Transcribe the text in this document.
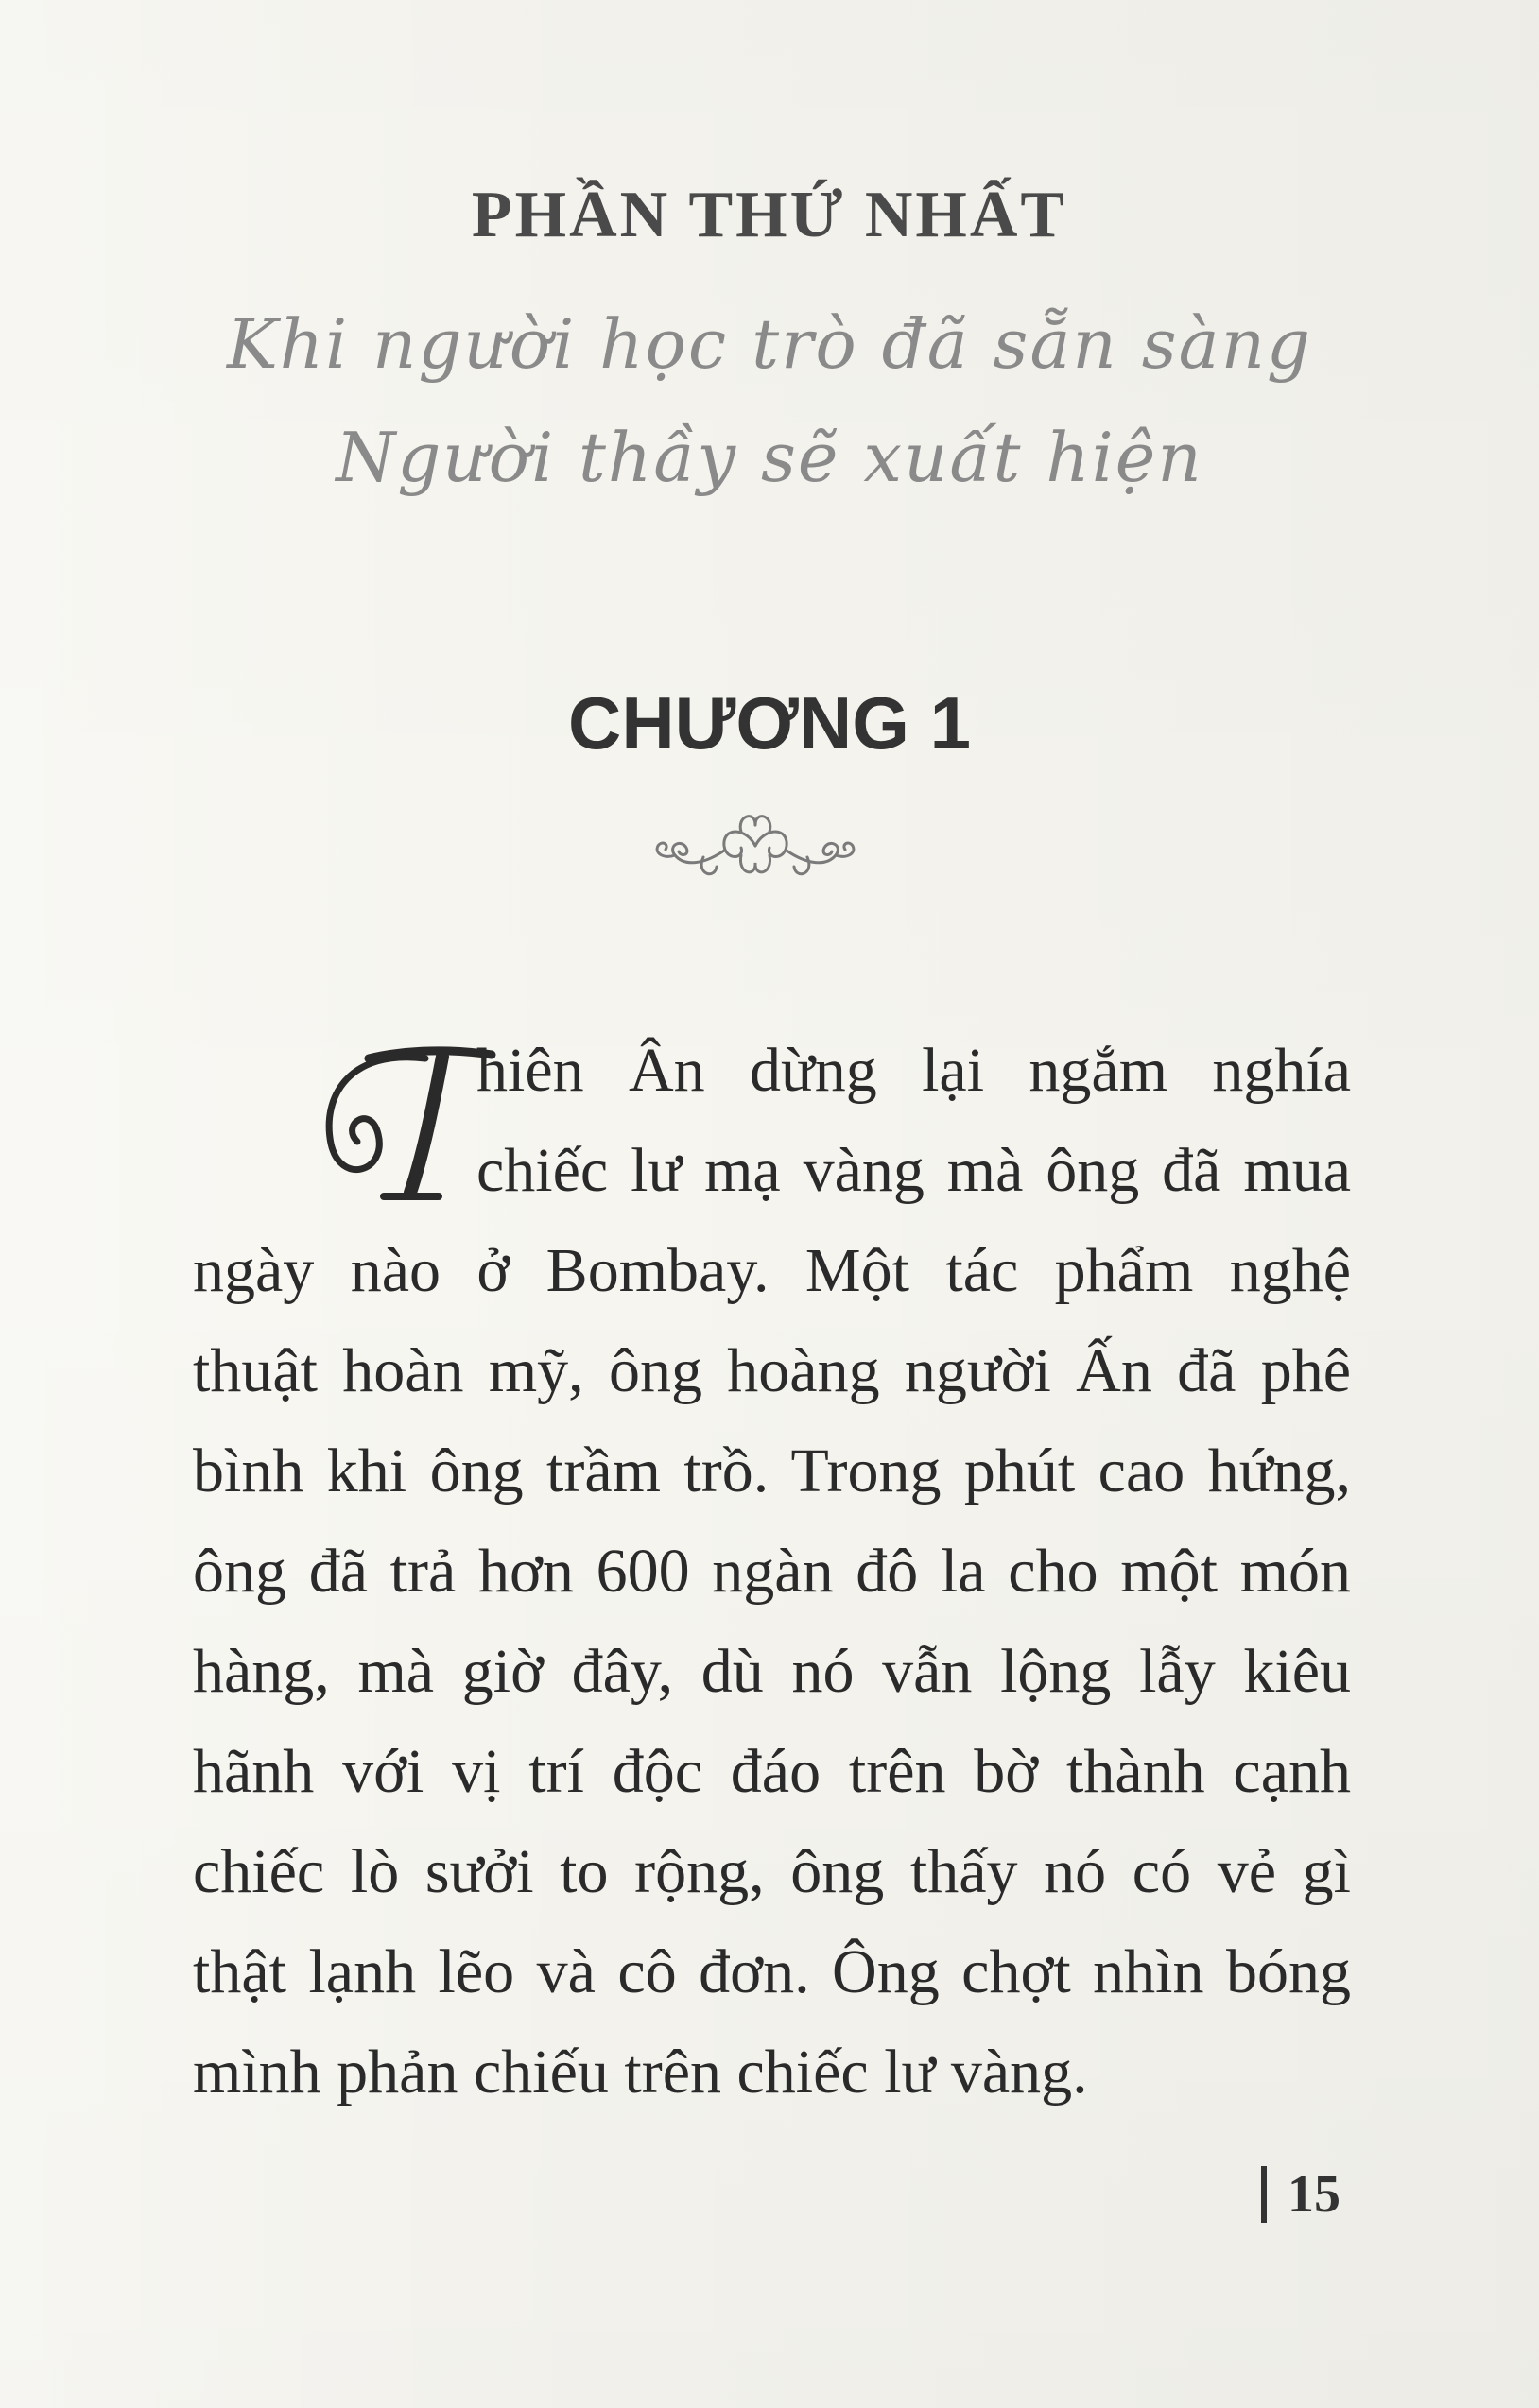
PHẦN THỨ NHẤT
Khi người học trò đã sẵn sàng
Người thầy sẽ xuất hiện
CHƯƠNG 1
hiên Ân dừng lại ngắm nghía
chiếc lư mạ vàng mà ông đã mua
ngày nào ở Bombay. Một tác phẩm nghệ
thuật hoàn mỹ, ông hoàng người Ấn đã phê
bình khi ông trầm trồ. Trong phút cao hứng,
ông đã trả hơn 600 ngàn đô la cho một món
hàng, mà giờ đây, dù nó vẫn lộng lẫy kiêu
hãnh với vị trí độc đáo trên bờ thành cạnh
chiếc lò sưởi to rộng, ông thấy nó có vẻ gì
thật lạnh lẽo và cô đơn. Ông chợt nhìn bóng
mình phản chiếu trên chiếc lư vàng.
15
